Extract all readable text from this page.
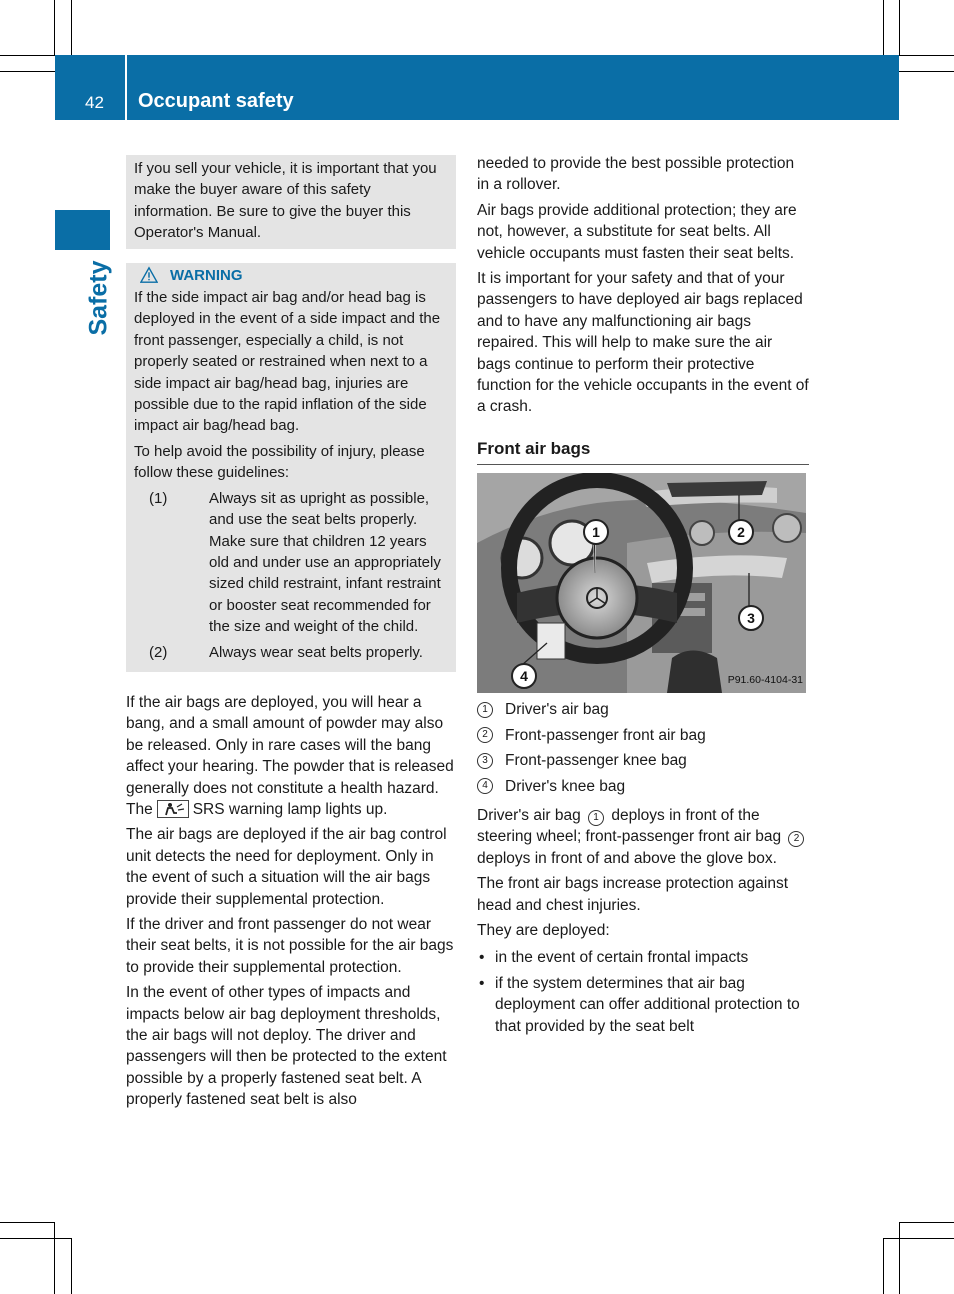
42 Occupant safety
Safety
If you sell your vehicle, it is important that you make the buyer aware of this safety information. Be sure to give the buyer this Operator's Manual.
WARNING

If the side impact air bag and/or head bag is deployed in the event of a side impact and the front passenger, especially a child, is not properly seated or restrained when next to a side impact air bag/head bag, injuries are possible due to the rapid inflation of the side impact air bag/head bag.

To help avoid the possibility of injury, please follow these guidelines:

(1)	Always sit as upright as possible, and use the seat belts properly. Make sure that children 12 years old and under use an appropriately sized child restraint, infant restraint or booster seat recommended for the size and weight of the child.
(2)	Always wear seat belts properly.

If the air bags are deployed, you will hear a bang, and a small amount of powder may also be released. Only in rare cases will the bang affect your hearing. The powder that is released generally does not constitute a health hazard. The	SRS warning lamp lights up.

The air bags are deployed if the air bag control unit detects the need for deployment. Only in the event of such a situation will the air bags provide their supplemental protection.

If the driver and front passenger do not wear their seat belts, it is not possible for the air bags to provide their supplemental protection.

In the event of other types of impacts and impacts below air bag deployment thresholds, the air bags will not deploy. The driver and passengers will then be protected to the extent possible by a properly fastened seat belt. A properly fastened seat belt is also

needed to provide the best possible protection in a rollover.

Air bags provide additional protection; they are not, however, a substitute for seat belts. All vehicle occupants must fasten their seat belts.

It is important for your safety and that of your passengers to have deployed air bags replaced and to have any malfunctioning air bags repaired. This will help to make sure the air bags continue to perform their protective function for the vehicle occupants in the event of a crash.

Front air bags
1	2
3
4	P91.60-4104-31
1	Driver's air bag
2	Front-passenger front air bag
3	Front-passenger knee bag
4	Driver's knee bag

Driver's air bag 1 deploys in front of the steering wheel; front-passenger front air bag 2 deploys in front of and above the glove box.

The front air bags increase protection against head and chest injuries.

They are deployed:

• in the event of certain frontal impacts
• if the system determines that air bag deployment can offer additional protection to that provided by the seat belt
